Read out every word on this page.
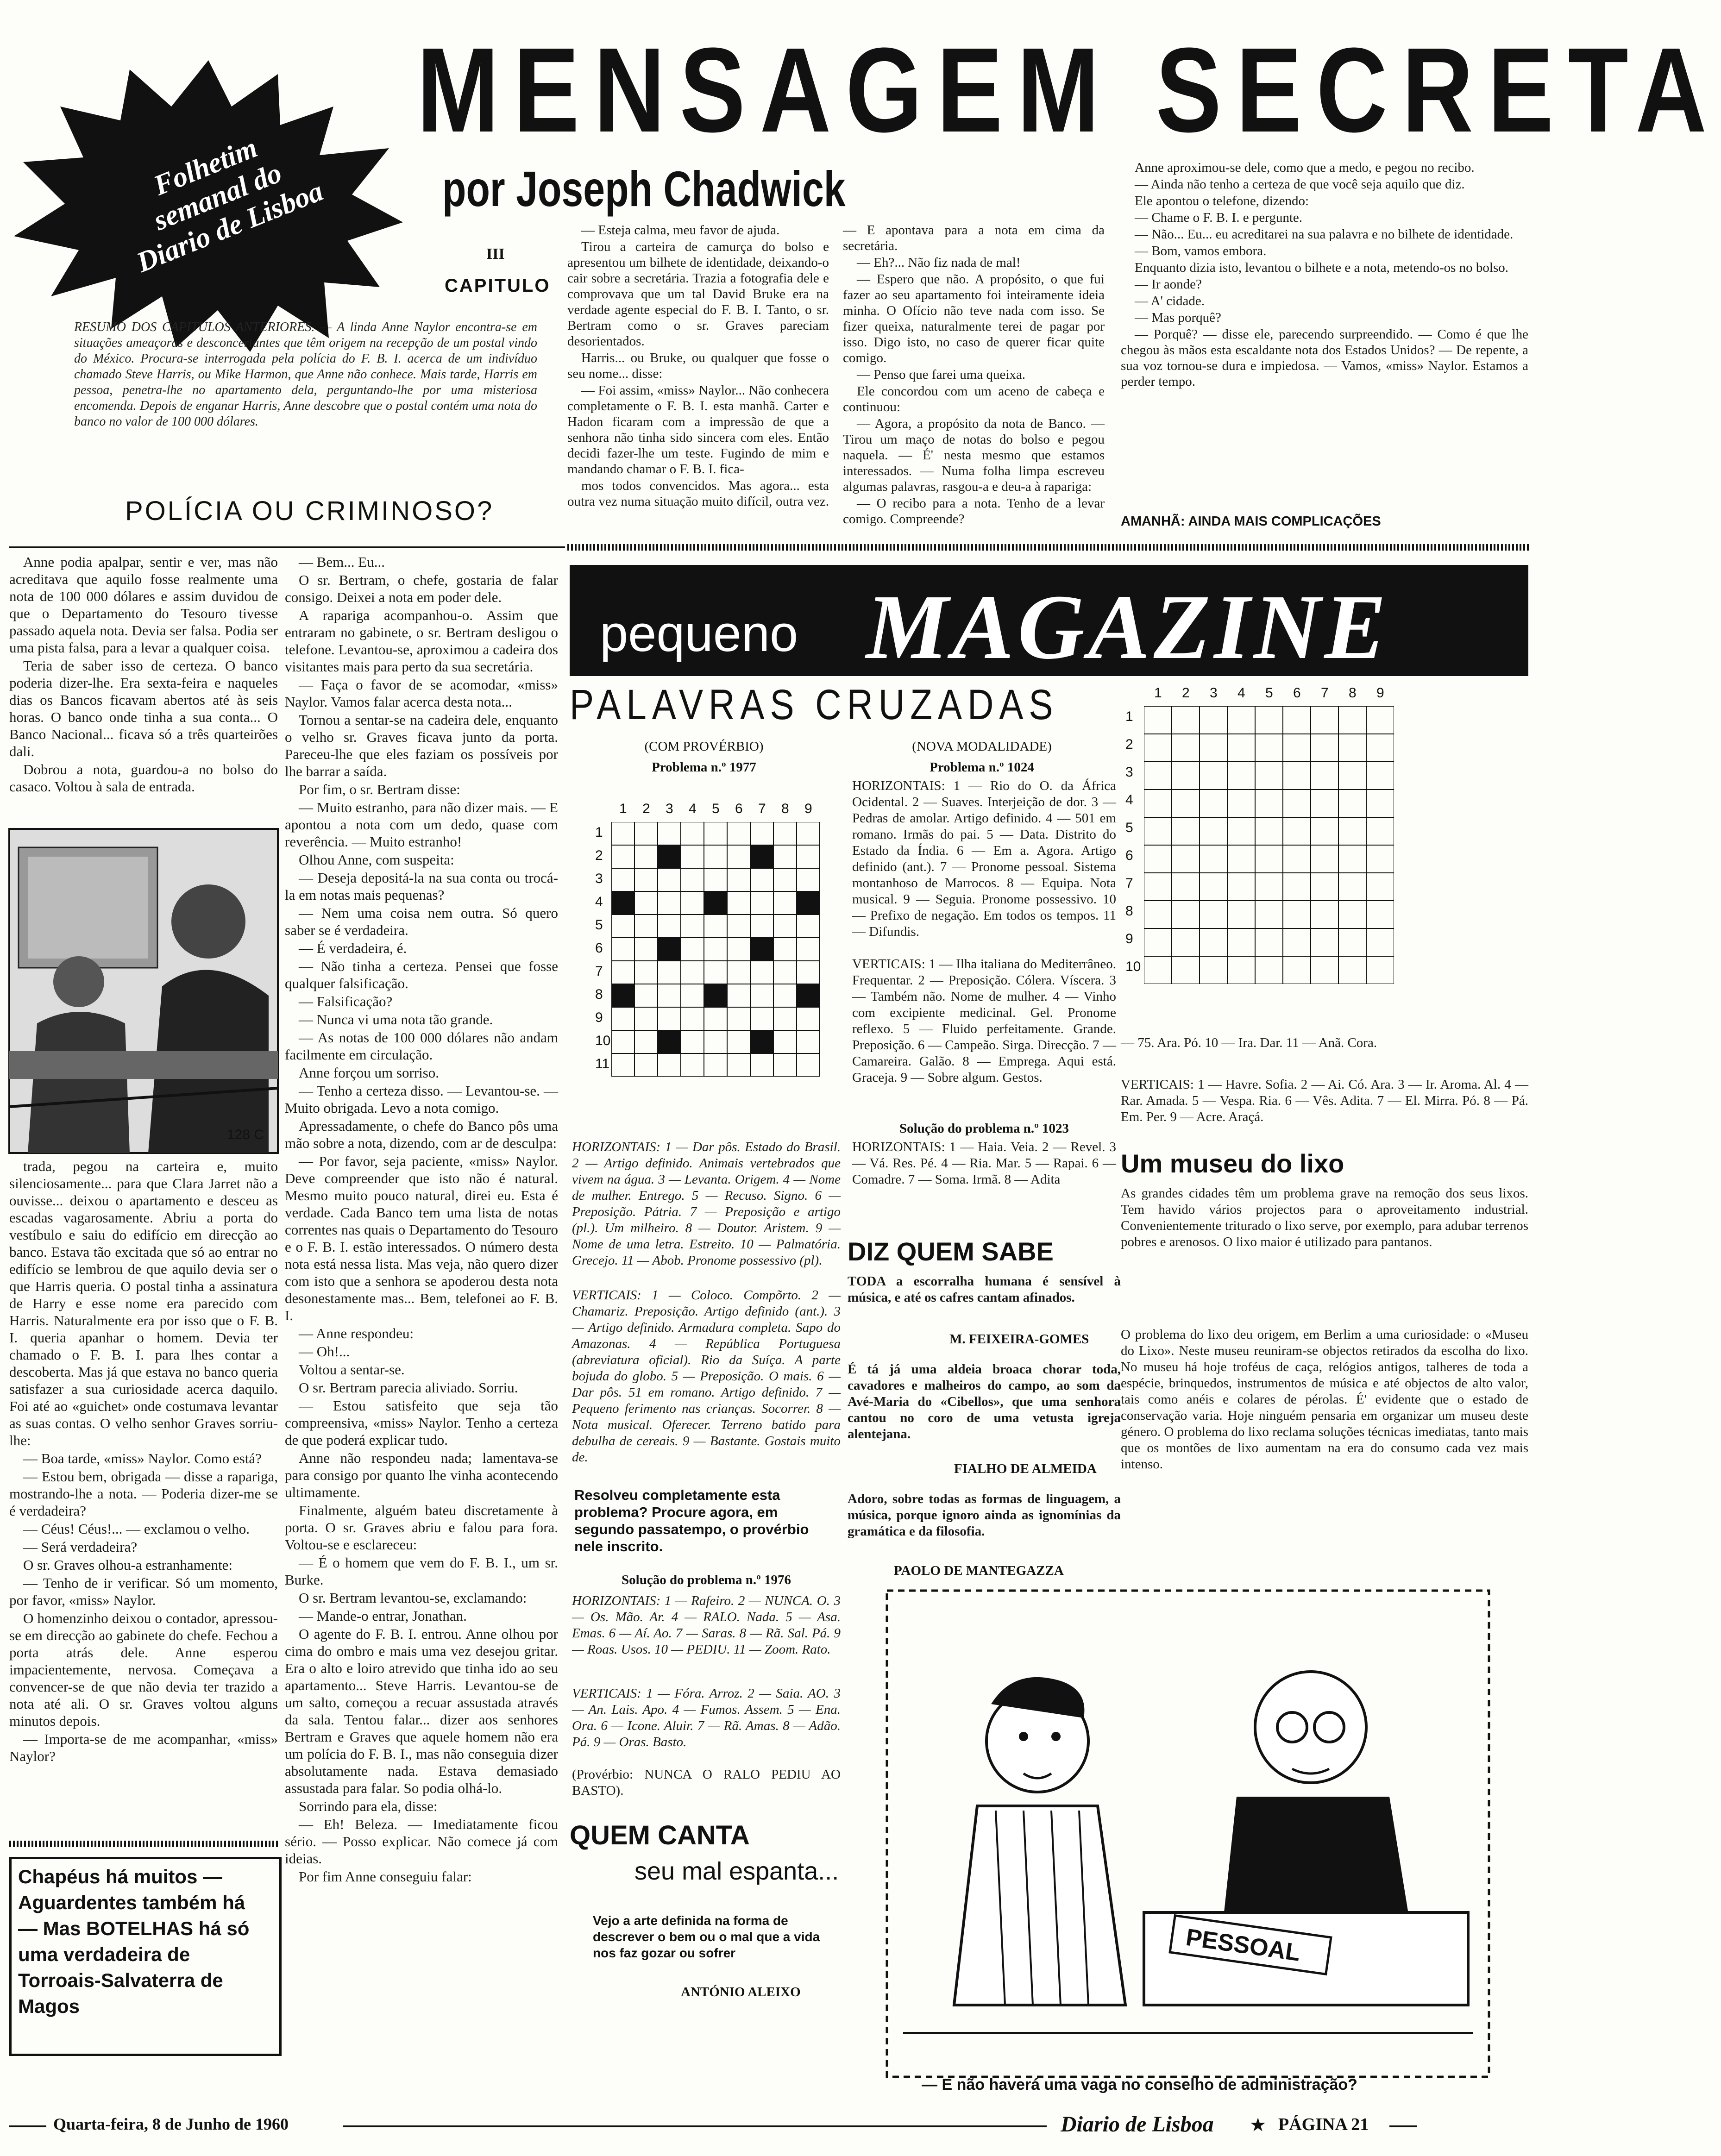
Folhetim semanal do Diario de Lisboa
MENSAGEM SECRETA
por Joseph Chadwick
III
CAPITULO
RESUMO DOS CAPITULOS ANTERIORES. — A linda Anne Naylor encontra-se em situações ameaçoras e desconcertantes que têm origem na recepção de um postal vindo do México. Procura-se interrogada pela polícia do F. B. I. acerca de um indivíduo chamado Steve Harris, ou Mike Harmon, que Anne não conhece. Mais tarde, Harris em pessoa, penetra-lhe no apartamento dela, perguntando-lhe por uma misteriosa encomenda. Depois de enganar Harris, Anne descobre que o postal contém uma nota do banco no valor de 100 000 dólares.
POLÍCIA OU CRIMINOSO?

Anne podia apalpar, sentir e ver, mas não acreditava que aquilo fosse realmente uma nota de 100 000 dólares e assim duvidou de que o Departamento do Tesouro tivesse passado aquela nota. Devia ser falsa. Podia ser uma pista falsa, para a levar a qualquer coisa.

Teria de saber isso de certeza. O banco poderia dizer-lhe. Era sexta-feira e naqueles dias os Bancos ficavam abertos até às seis horas. O banco onde tinha a sua conta... O Banco Nacional... ficava só a três quarteirões dali.

Dobrou a nota, guardou-a no bolso do casaco. Voltou à sala de entrada.

128 C

trada, pegou na carteira e, muito silenciosamente... para que Clara Jarret não a ouvisse... deixou o apartamento e desceu as escadas vagarosamente. Abriu a porta do vestíbulo e saiu do edifício em direcção ao banco. Estava tão excitada que só ao entrar no edifício se lembrou de que aquilo devia ser o que Harris queria. O postal tinha a assinatura de Harry e esse nome era parecido com Harris. Naturalmente era por isso que o F. B. I. queria apanhar o homem. Devia ter chamado o F. B. I. para lhes contar a descoberta. Mas já que estava no banco queria satisfazer a sua curiosidade acerca daquilo. Foi até ao «guichet» onde costumava levantar as suas contas. O velho senhor Graves sorriu-lhe:

— Boa tarde, «miss» Naylor. Como está?

— Estou bem, obrigada — disse a rapariga, mostrando-lhe a nota. — Poderia dizer-me se é verdadeira?

— Céus! Céus!... — exclamou o velho.

— Será verdadeira?

O sr. Graves olhou-a estranhamente:

— Tenho de ir verificar. Só um momento, por favor, «miss» Naylor.

O homenzinho deixou o contador, apressou-se em direcção ao gabinete do chefe. Fechou a porta atrás dele. Anne esperou impacientemente, nervosa. Começava a convencer-se de que não devia ter trazido a nota até ali. O sr. Graves voltou alguns minutos depois.

— Importa-se de me acompanhar, «miss» Naylor?

Chapéus há muitos —
Aguardentes também há
— Mas BOTELHAS há só
uma verdadeira de Torroais-Salvaterra de Magos

— Bem... Eu...

O sr. Bertram, o chefe, gostaria de falar consigo. Deixei a nota em poder dele.

A rapariga acompanhou-o. Assim que entraram no gabinete, o sr. Bertram desligou o telefone. Levantou-se, aproximou a cadeira dos visitantes mais para perto da sua secretária.

— Faça o favor de se acomodar, «miss» Naylor. Vamos falar acerca desta nota...

Tornou a sentar-se na cadeira dele, enquanto o velho sr. Graves ficava junto da porta. Pareceu-lhe que eles faziam os possíveis por lhe barrar a saída.

Por fim, o sr. Bertram disse:

— Muito estranho, para não dizer mais. — E apontou a nota com um dedo, quase com reverência. — Muito estranho!

Olhou Anne, com suspeita:

— Deseja depositá-la na sua conta ou trocá-la em notas mais pequenas?

— Nem uma coisa nem outra. Só quero saber se é verdadeira.

— É verdadeira, é.

— Não tinha a certeza. Pensei que fosse qualquer falsificação.

— Falsificação?

— Nunca vi uma nota tão grande.

— As notas de 100 000 dólares não andam facilmente em circulação.

Anne forçou um sorriso.

— Tenho a certeza disso. — Levantou-se. — Muito obrigada. Levo a nota comigo.

Apressadamente, o chefe do Banco pôs uma mão sobre a nota, dizendo, com ar de desculpa:

— Por favor, seja paciente, «miss» Naylor. Deve compreender que isto não é natural. Mesmo muito pouco natural, direi eu. Esta é verdade. Cada Banco tem uma lista de notas correntes nas quais o Departamento do Tesouro e o F. B. I. estão interessados. O número desta nota está nessa lista. Mas veja, não quero dizer com isto que a senhora se apoderou desta nota desonestamente mas... Bem, telefonei ao F. B. I.

— Anne respondeu:

— Oh!...

Voltou a sentar-se.

O sr. Bertram parecia aliviado. Sorriu.

— Estou satisfeito que seja tão compreensiva, «miss» Naylor. Tenho a certeza de que poderá explicar tudo.

Anne não respondeu nada; lamentava-se para consigo por quanto lhe vinha acontecendo ultimamente.

Finalmente, alguém bateu discretamente à porta. O sr. Graves abriu e falou para fora. Voltou-se e esclareceu:

— É o homem que vem do F. B. I., um sr. Burke.

O sr. Bertram levantou-se, exclamando:

— Mande-o entrar, Jonathan.

O agente do F. B. I. entrou. Anne olhou por cima do ombro e mais uma vez desejou gritar. Era o alto e loiro atrevido que tinha ido ao seu apartamento... Steve Harris. Levantou-se de um salto, começou a recuar assustada através da sala. Tentou falar... dizer aos senhores Bertram e Graves que aquele homem não era um polícia do F. B. I., mas não conseguia dizer absolutamente nada. Estava demasiado assustada para falar. So podia olhá-lo.

Sorrindo para ela, disse:

— Eh! Beleza. — Imediatamente ficou sério. — Posso explicar. Não comece já com ideias.

Por fim Anne conseguiu falar:

— Esteja calma, meu favor de ajuda.

Tirou a carteira de camurça do bolso e apresentou um bilhete de identidade, deixando-o cair sobre a secretária. Trazia a fotografia dele e comprovava que um tal David Bruke era na verdade agente especial do F. B. I. Tanto, o sr. Bertram como o sr. Graves pareciam desorientados.

Harris... ou Bruke, ou qualquer que fosse o seu nome... disse:

— Foi assim, «miss» Naylor... Não conhecera completamente o F. B. I. esta manhã. Carter e Hadon ficaram com a impressão de que a senhora não tinha sido sincera com eles. Então decidi fazer-lhe um teste. Fugindo de mim e mandando chamar o F. B. I. fica-

mos todos convencidos. Mas agora... esta outra vez numa situação muito difícil, outra vez. — E apontava para a nota em cima da secretária.

— Eh?... Não fiz nada de mal!

— Espero que não. A propósito, o que fui fazer ao seu apartamento foi inteiramente ideia minha. O Ofício não teve nada com isso. Se fizer queixa, naturalmente terei de pagar por isso. Digo isto, no caso de querer ficar quite comigo.

— Penso que farei uma queixa.

Ele concordou com um aceno de cabeça e continuou:

— Agora, a propósito da nota de Banco. — Tirou um maço de notas do bolso e pegou naquela. — É' nesta mesmo que estamos interessados. — Numa folha limpa escreveu algumas palavras, rasgou-a e deu-a à rapariga:

— O recibo para a nota. Tenho de a levar comigo. Compreende?

Anne aproximou-se dele, como que a medo, e pegou no recibo.

— Ainda não tenho a certeza de que você seja aquilo que diz.

Ele apontou o telefone, dizendo:

— Chame o F. B. I. e pergunte.

— Não... Eu... eu acreditarei na sua palavra e no bilhete de identidade.

— Bom, vamos embora.

Enquanto dizia isto, levantou o bilhete e a nota, metendo-os no bolso.

— Ir aonde?

— A' cidade.

— Mas porquê?

— Porquê? — disse ele, parecendo surpreendido. — Como é que lhe chegou às mãos esta escaldante nota dos Estados Unidos? — De repente, a sua voz tornou-se dura e impiedosa. — Vamos, «miss» Naylor. Estamos a perder tempo.

AMANHÃ: AINDA MAIS COMPLICAÇÕES
pequeno MAGAZINE
PALAVRAS CRUZADAS
(COM PROVÉRBIO)
Problema n.º 1977
1 2 3 4 5 6 7 8 9
1
2
3
4
5
6
7
8
9
10
11
HORIZONTAIS: 1 — Dar pôs. Estado do Brasil. 2 — Artigo definido. Animais vertebrados que vivem na água. 3 — Levanta. Origem. 4 — Nome de mulher. Entrego. 5 — Recuso. Signo. 6 — Preposição. Pátria. 7 — Preposição e artigo (pl.). Um milheiro. 8 — Doutor. Aristem. 9 — Nome de uma letra. Estreito. 10 — Palmatória. Grecejo. 11 — Abob. Pronome possessivo (pl).
VERTICAIS: 1 — Coloco. Compõrto. 2 — Chamariz. Preposição. Artigo definido (ant.). 3 — Artigo definido. Armadura completa. Sapo do Amazonas. 4 — República Portuguesa (abreviatura oficial). Rio da Suíça. A parte bojuda do globo. 5 — Preposição. O mais. 6 — Dar pôs. 51 em romano. Artigo definido. 7 — Pequeno ferimento nas crianças. Socorrer. 8 — Nota musical. Oferecer. Terreno batido para debulha de cereais. 9 — Bastante. Gostais muito de.
Resolveu completamente esta problema? Procure agora, em segundo passatempo, o provérbio nele inscrito.
Solução do problema n.º 1976
HORIZONTAIS: 1 — Rafeiro. 2 — NUNCA. O. 3 — Os. Mão. Ar. 4 — RALO. Nada. 5 — Asa. Emas. 6 — Aí. Ao. 7 — Saras. 8 — Rã. Sal. Pá. 9 — Roas. Usos. 10 — PEDIU. 11 — Zoom. Rato.
VERTICAIS: 1 — Fóra. Arroz. 2 — Saia. AO. 3 — An. Lais. Apo. 4 — Fumos. Assem. 5 — Ena. Ora. 6 — Icone. Aluir. 7 — Rã. Amas. 8 — Adão. Pá. 9 — Oras. Basto.
(Provérbio: NUNCA O RALO PEDIU AO BASTO).
QUEM CANTA
seu mal espanta...
Vejo a arte definida na forma de descrever o bem ou o mal que a vida nos faz gozar ou sofrer
ANTÓNIO ALEIXO
(NOVA MODALIDADE)
Problema n.º 1024
HORIZONTAIS: 1 — Rio do O. da África Ocidental. 2 — Suaves. Interjeição de dor. 3 — Pedras de amolar. Artigo definido. 4 — 501 em romano. Irmãs do pai. 5 — Data. Distrito do Estado da Índia. 6 — Em a. Agora. Artigo definido (ant.). 7 — Pronome pessoal. Sistema montanhoso de Marrocos. 8 — Equipa. Nota musical. 9 — Seguia. Pronome possessivo. 10 — Prefixo de negação. Em todos os tempos. 11 — Difundis.
VERTICAIS: 1 — Ilha italiana do Mediterrâneo. Frequentar. 2 — Preposição. Cólera. Víscera. 3 — Também não. Nome de mulher. 4 — Vinho com excipiente medicinal. Gel. Pronome reflexo. 5 — Fluido perfeitamente. Grande. Preposição. 6 — Campeão. Sirga. Direcção. 7 — Camareira. Galão. 8 — Emprega. Aqui está. Graceja. 9 — Sobre algum. Gestos.
Solução do problema n.º 1023
HORIZONTAIS: 1 — Haia. Veia. 2 — Revel. 3 — Vá. Res. Pé. 4 — Ria. Mar. 5 — Rapai. 6 — Comadre. 7 — Soma. Irmã. 8 — Adita
1 2 3 4 5 6 7 8 9
1
2
3
4
5
6
7
8
9
10
— 75. Ara. Pó. 10 — Ira. Dar. 11 — Anã. Cora.
VERTICAIS: 1 — Havre. Sofia. 2 — Ai. Có. Ara. 3 — Ir. Aroma. Al. 4 — Rar. Amada. 5 — Vespa. Ria. 6 — Vês. Adita. 7 — El. Mirra. Pó. 8 — Pá. Em. Per. 9 — Acre. Araçá.
DIZ QUEM SABE
TODA a escorralha humana é sensível à música, e até os cafres cantam afinados.
M. FEIXEIRA-GOMES
É tá já uma aldeia broaca chorar toda, cavadores e malheiros do campo, ao som da Avé-Maria do «Cibellos», que uma senhora cantou no coro de uma vetusta igreja alentejana.
FIALHO DE ALMEIDA
Adoro, sobre todas as formas de linguagem, a música, porque ignoro ainda as ignomínias da gramática e da filosofia.
PAOLO DE MANTEGAZZA
Um museu do lixo
As grandes cidades têm um problema grave na remoção dos seus lixos. Tem havido vários projectos para o aproveitamento industrial. Convenientemente triturado o lixo serve, por exemplo, para adubar terrenos pobres e arenosos. O lixo maior é utilizado para pantanos.
O problema do lixo deu origem, em Berlim a uma curiosidade: o «Museu do Lixo». Neste museu reuniram-se objectos retirados da escolha do lixo. No museu há hoje troféus de caça, relógios antigos, talheres de toda a espécie, brinquedos, instrumentos de música e até objectos de alto valor, tais como anéis e colares de pérolas. É' evidente que o estado de conservação varia. Hoje ninguém pensaria em organizar um museu deste género. O problema do lixo reclama soluções técnicas imediatas, tanto mais que os montões de lixo aumentam na era do consumo cada vez mais intenso.
PESSOAL
— E não haverá uma vaga no conselho de administração?
Quarta-feira, 8 de Junho de 1960	Diario de Lisboa ★ PÁGINA 21
